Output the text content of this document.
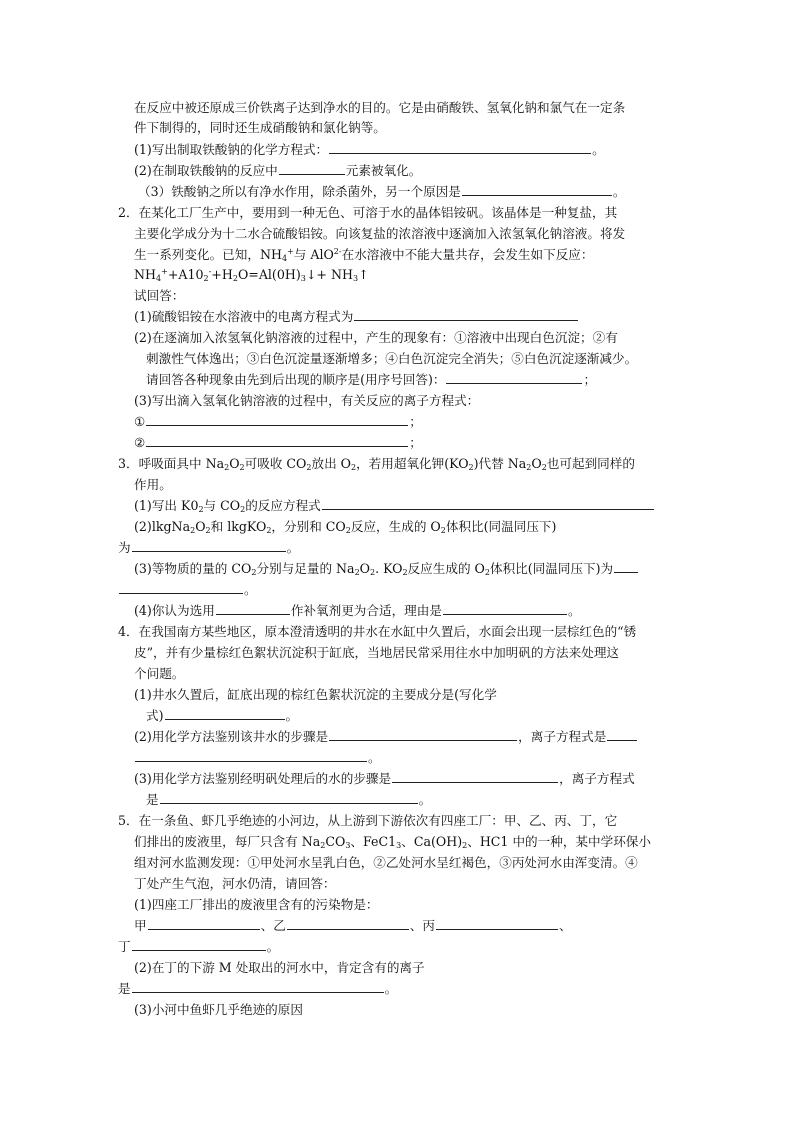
在反应中被还原成三价铁离子达到净水的目的。它是由硝酸铁、氢氧化钠和氯气在一定条
件下制得的，同时还生成硝酸钠和氯化钠等。
(1)写出制取铁酸钠的化学方程式：	。
(2)在制取铁酸钠的反应中	元素被氧化。
（3）铁酸钠之所以有净水作用，除杀菌外，另一个原因是	。
2．在某化工厂生产中，要用到一种无色、可溶于水的晶体铝铵矾。该晶体是一种复盐，其
主要化学成分为十二水合硫酸铝铵。向该复盐的浓溶液中逐滴加入浓氢氧化钠溶液。将发
生一系列变化。已知，$NH_4^+$与 AlO$^{2-}$在水溶液中不能大量共存，会发生如下反应：
$NH_4^++A10_2^-+H_2O=Al(0H)_3↓+$ $NH_3↑$
试回答：
(1)硫酸铝铵在水溶液中的电离方程式为
(2)在逐滴加入浓氢氧化钠溶液的过程中，产生的现象有：①溶液中出现白色沉淀；②有
刺激性气体逸出；③白色沉淀量逐渐增多；④白色沉淀完全消失；⑤白色沉淀逐渐减少。
请回答各种现象由先到后出现的顺序是(用序号回答)：	；
(3)写出滴入氢氧化钠溶液的过程中，有关反应的离子方程式：
①	；
②	；
3．呼吸面具中 $Na_2O_2$可吸收 $CO_2$放出 $O_2$，若用超氧化钾$(KO_2)$代替 $Na_2O_2$也可起到同样的
作用。
(1)写出 $K0_2$与 $CO_2$的反应方程式
$(2)lkgNa_2O_2$和 lkgKO$_2$，分别和 $CO_2$反应，生成的 $O_2$体积比(同温同压下)
为	。
(3)等物质的量的 $CO_2$分别与足量的 $Na_2O_2$. $KO_2$反应生成的 $O_2$体积比(同温同压下)为
。
(4)你认为选用	作补氧剂更为合适，理由是	。
4．在我国南方某些地区，原本澄清透明的井水在水缸中久置后，水面会出现一层棕红色的“锈
皮”，并有少量棕红色絮状沉淀积于缸底，当地居民常采用往水中加明矾的方法来处理这
个问题。
(1)井水久置后，缸底出现的棕红色絮状沉淀的主要成分是(写化学
式)	。
(2)用化学方法鉴别该井水的步骤是	，离子方程式是
。
(3)用化学方法鉴别经明矾处理后的水的步骤是	，离子方程式
是	。
5．在一条鱼、虾几乎绝迹的小河边，从上游到下游依次有四座工厂：甲、乙、丙、丁，它
们排出的废液里，每厂只含有 $Na_2CO_3$、$FeC1_3$、$Ca(OH)_2$、HC1 中的一种，某中学环保小
组对河水监测发现：①甲处河水呈乳白色，②乙处河水呈红褐色，③丙处河水由浑变清。④
丁处产生气泡，河水仍清，请回答：
(1)四座工厂排出的废液里含有的污染物是：
甲	、乙	、丙	、
丁	。
(2)在丁的下游 M 处取出的河水中，肯定含有的离子
是	。
(3)小河中鱼虾几乎绝迹的原因
